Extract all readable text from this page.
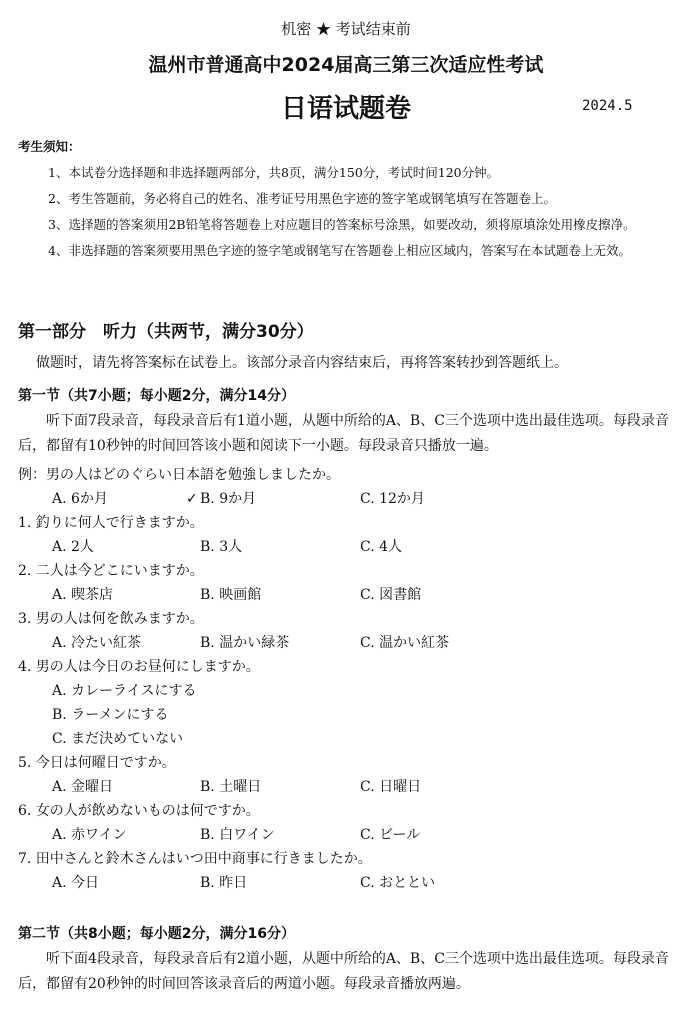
机密 ★ 考试结束前
温州市普通高中2024届高三第三次适应性考试
日语试题卷	2024.5

考生须知：

1、本试卷分选择题和非选择题两部分，共8页，满分150分，考试时间120分钟。

2、考生答题前，务必将自己的姓名、准考证号用黑色字迹的签字笔或钢笔填写在答题卷上。

3、选择题的答案须用2B铅笔将答题卷上对应题目的答案标号涂黑，如要改动，须将原填涂处用橡皮擦净。

4、非选择题的答案须要用黑色字迹的签字笔或钢笔写在答题卷上相应区域内，答案写在本试题卷上无效。

第一部分　听力（共两节，满分30分）

做题时，请先将答案标在试卷上。该部分录音内容结束后，再将答案转抄到答题纸上。

第一节（共7小题；每小题2分，满分14分）

听下面7段录音，每段录音后有1道小题，从题中所给的A、B、C三个选项中选出最佳选项。每段录音后，都留有10秒钟的时间回答该小题和阅读下一小题。每段录音只播放一遍。

例：男の人はどのぐらい日本語を勉強しましたか。
A. 6か月	✓ B. 9か月	C. 12か月
1. 釣りに何人で行きますか。
A. 2人	B. 3人	C. 4人
2. 二人は今どこにいますか。
A. 喫茶店	B. 映画館	C. 図書館
3. 男の人は何を飲みますか。
A. 冷たい紅茶	B. 温かい緑茶	C. 温かい紅茶
4. 男の人は今日のお昼何にしますか。
A. カレーライスにする
B. ラーメンにする
C. まだ決めていない
5. 今日は何曜日ですか。
A. 金曜日	B. 土曜日	C. 日曜日
6. 女の人が飲めないものは何ですか。
A. 赤ワイン	B. 白ワイン	C. ビール
7. 田中さんと鈴木さんはいつ田中商事に行きましたか。
A. 今日	B. 昨日	C. おととい
第二节（共8小题；每小题2分，满分16分）

听下面4段录音，每段录音后有2道小题，从题中所给的A、B、C三个选项中选出最佳选项。每段录音后，都留有20秒钟的时间回答该录音后的两道小题。每段录音播放两遍。
